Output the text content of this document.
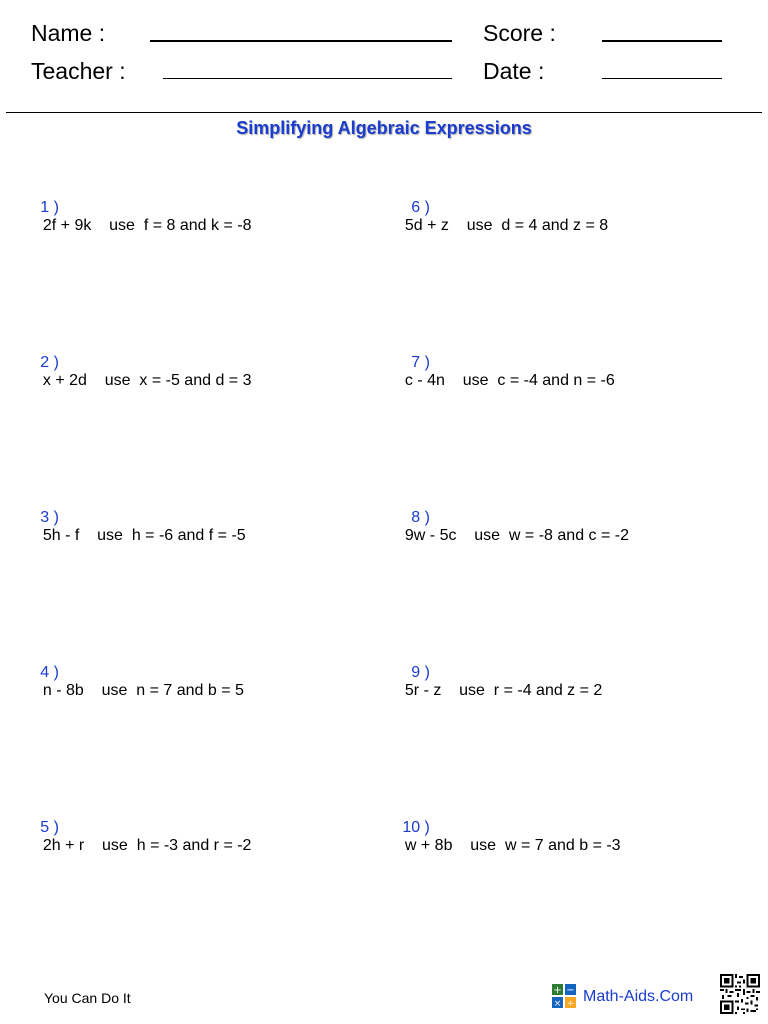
Name :
Teacher :
Score :
Date :
Simplifying Algebraic Expressions

1 )
2f + 9k    use  f = 8 and k = -8

2 )
x + 2d    use  x = -5 and d = 3

3 )
5h - f    use  h = -6 and f = -5

4 )
n - 8b    use  n = 7 and b = 5

5 )
2h + r    use  h = -3 and r = -2

6 )
5d + z    use  d = 4 and z = 8

7 )
c - 4n    use  c = -4 and n = -6

8 )
9w - 5c    use  w = -8 and c = -2

9 )
5r - z    use  r = -4 and z = 2

10 )
w + 8b    use  w = 7 and b = -3

You Can Do It	+ −
× ÷ Math-Aids.Com
